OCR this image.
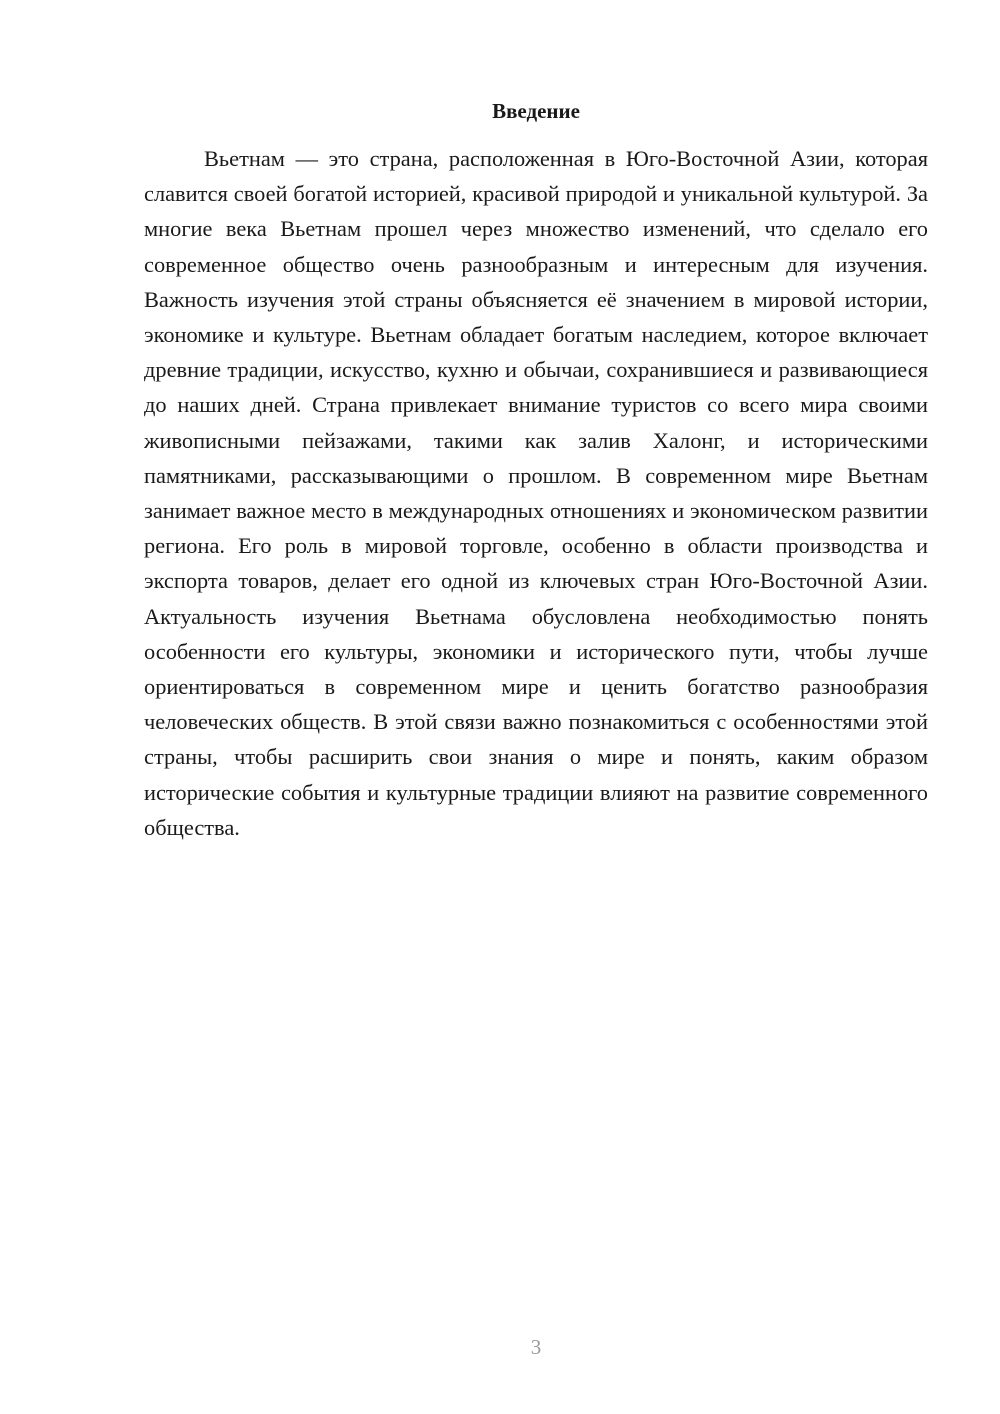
Введение

Вьетнам — это страна, расположенная в Юго-Восточной Азии, которая славится своей богатой историей, красивой природой и уникальной культурой. За многие века Вьетнам прошел через множество изменений, что сделало его современное общество очень разнообразным и интересным для изучения. Важность изучения этой страны объясняется её значением в мировой истории, экономике и культуре. Вьетнам обладает богатым наследием, которое включает древние традиции, искусство, кухню и обычаи, сохранившиеся и развивающиеся до наших дней. Страна привлекает внимание туристов со всего мира своими живописными пейзажами, такими как залив Халонг, и историческими памятниками, рассказывающими о прошлом. В современном мире Вьетнам занимает важное место в международных отношениях и экономическом развитии региона. Его роль в мировой торговле, особенно в области производства и экспорта товаров, делает его одной из ключевых стран Юго-Восточной Азии. Актуальность изучения Вьетнама обусловлена необходимостью понять особенности его культуры, экономики и исторического пути, чтобы лучше ориентироваться в современном мире и ценить богатство разнообразия человеческих обществ. В этой связи важно познакомиться с особенностями этой страны, чтобы расширить свои знания о мире и понять, каким образом исторические события и культурные традиции влияют на развитие современного общества.

3
